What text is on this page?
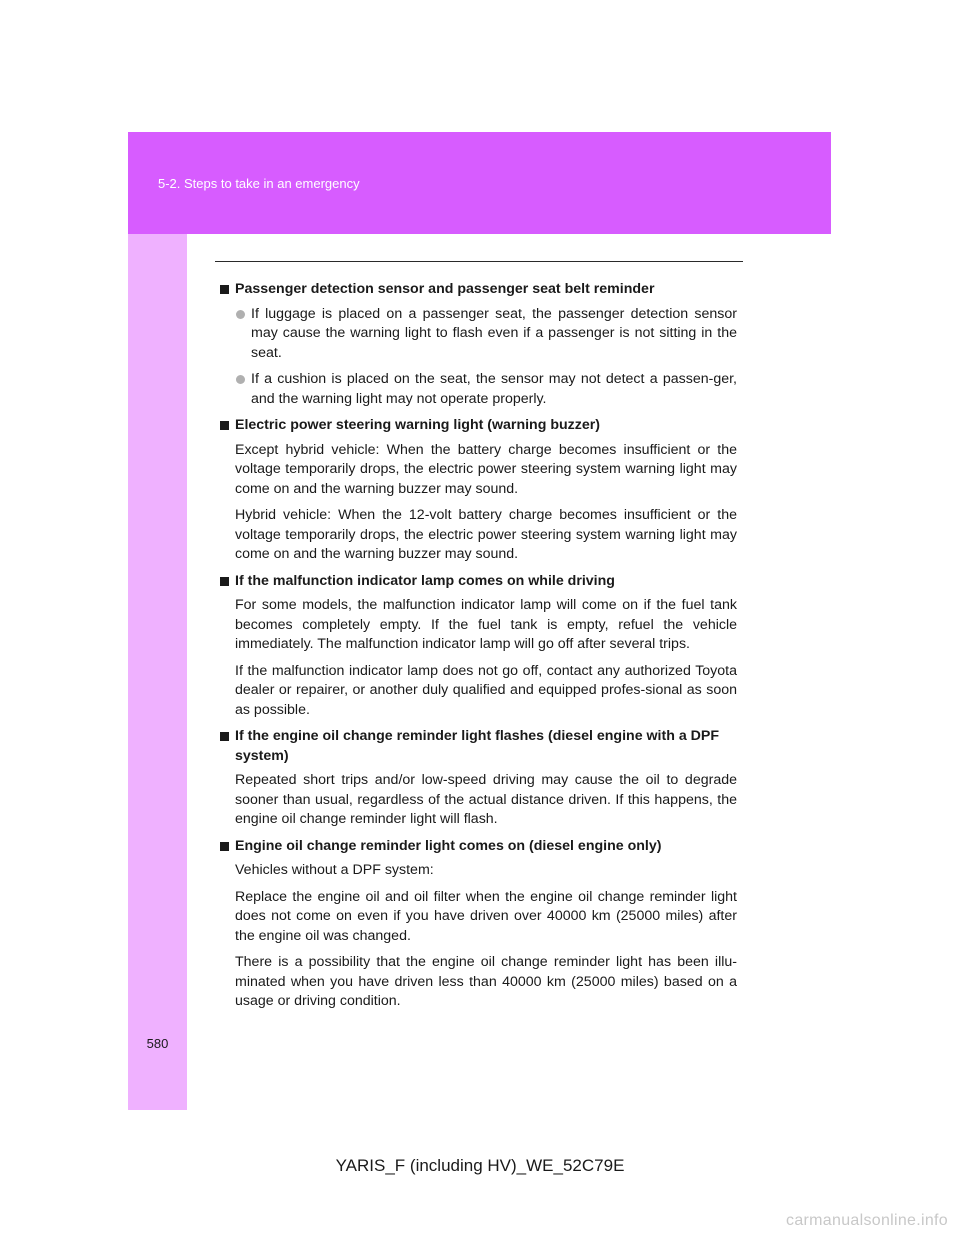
5-2. Steps to take in an emergency
580
Passenger detection sensor and passenger seat belt reminder
If luggage is placed on a passenger seat, the passenger detection sensor may cause the warning light to flash even if a passenger is not sitting in the seat.
If a cushion is placed on the seat, the sensor may not detect a passen-ger, and the warning light may not operate properly.
Electric power steering warning light (warning buzzer)
Except hybrid vehicle: When the battery charge becomes insufficient or the voltage temporarily drops, the electric power steering system warning light may come on and the warning buzzer may sound.
Hybrid vehicle: When the 12-volt battery charge becomes insufficient or the voltage temporarily drops, the electric power steering system warning light may come on and the warning buzzer may sound.
If the malfunction indicator lamp comes on while driving
For some models, the malfunction indicator lamp will come on if the fuel tank becomes completely empty. If the fuel tank is empty, refuel the vehicle immediately. The malfunction indicator lamp will go off after several trips.
If the malfunction indicator lamp does not go off, contact any authorized Toyota dealer or repairer, or another duly qualified and equipped profes-sional as soon as possible.
If the engine oil change reminder light flashes (diesel engine with a DPF system)
Repeated short trips and/or low-speed driving may cause the oil to degrade sooner than usual, regardless of the actual distance driven. If this happens, the engine oil change reminder light will flash.
Engine oil change reminder light comes on (diesel engine only)
Vehicles without a DPF system:
Replace the engine oil and oil filter when the engine oil change reminder light does not come on even if you have driven over 40000 km (25000 miles) after the engine oil was changed.
There is a possibility that the engine oil change reminder light has been illu-minated when you have driven less than 40000 km (25000 miles) based on a usage or driving condition.
YARIS_F (including HV)_WE_52C79E
carmanualsonline.info
